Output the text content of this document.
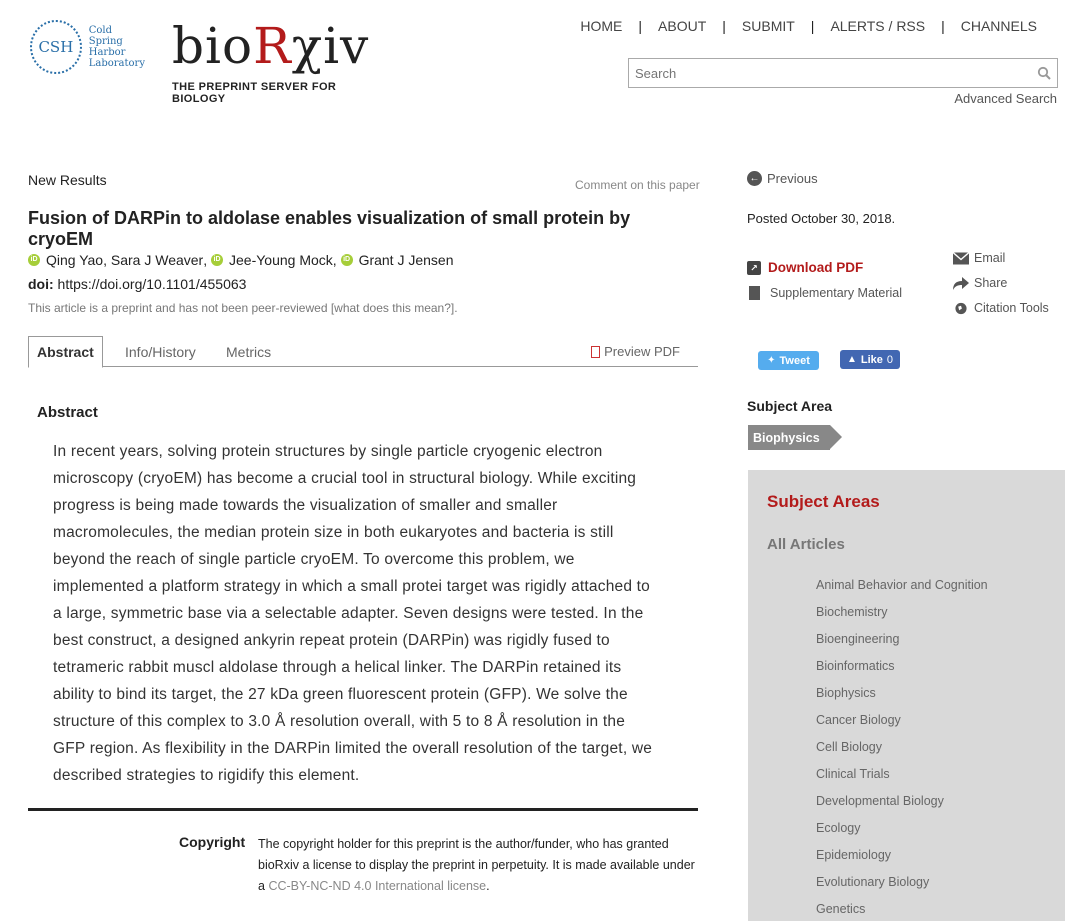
CSH
Cold
Spring
Harbor
Laboratory bioRχiv
THE PREPRINT SERVER FOR BIOLOGY
HOME	|	ABOUT	|	SUBMIT	|	ALERTS / RSS	|	CHANNELS
Search
Advanced Search
New Results	Comment on this paper
Fusion of DARPin to aldolase enables visualization of small protein by cryoEM
iD Qing Yao , Sara J Weaver , iD Jee-Young Mock , iD Grant J Jensen
doi: https://doi.org/10.1101/455063
This article is a preprint and has not been peer-reviewed [what does this mean?].
Abstract	Info/History	Metrics	Preview PDF
Abstract
In recent years, solving protein structures by single particle cryogenic electron
microscopy (cryoEM) has become a crucial tool in structural biology. While exciting
progress is being made towards the visualization of smaller and smaller
macromolecules, the median protein size in both eukaryotes and bacteria is still
beyond the reach of single particle cryoEM. To overcome this problem, we
implemented a platform strategy in which a small protei target was rigidly attached to
a large, symmetric base via a selectable adapter. Seven designs were tested. In the
best construct, a designed ankyrin repeat protein (DARPin) was rigidly fused to
tetrameric rabbit muscl aldolase through a helical linker. The DARPin retained its
ability to bind its target, the 27 kDa green fluorescent protein (GFP). We solve the
structure of this complex to 3.0 Å resolution overall, with 5 to 8 Å resolution in the
GFP region. As flexibility in the DARPin limited the overall resolution of the target, we
described strategies to rigidify this element.
Copyright The copyright holder for this preprint is the author/funder, who has granted bioRxiv a license to display the preprint in perpetuity. It is made available under a CC-BY-NC-ND 4.0 International license.
← Previous
Posted October 30, 2018.
↗ Download PDF
Supplementary Material
Email
Share
Citation Tools
✦ Tweet	▲ Like 0
Subject Area
Biophysics
Subject Areas
All Articles
Animal Behavior and Cognition
Biochemistry
Bioengineering
Bioinformatics
Biophysics
Cancer Biology
Cell Biology
Clinical Trials
Developmental Biology
Ecology
Epidemiology
Evolutionary Biology
Genetics
